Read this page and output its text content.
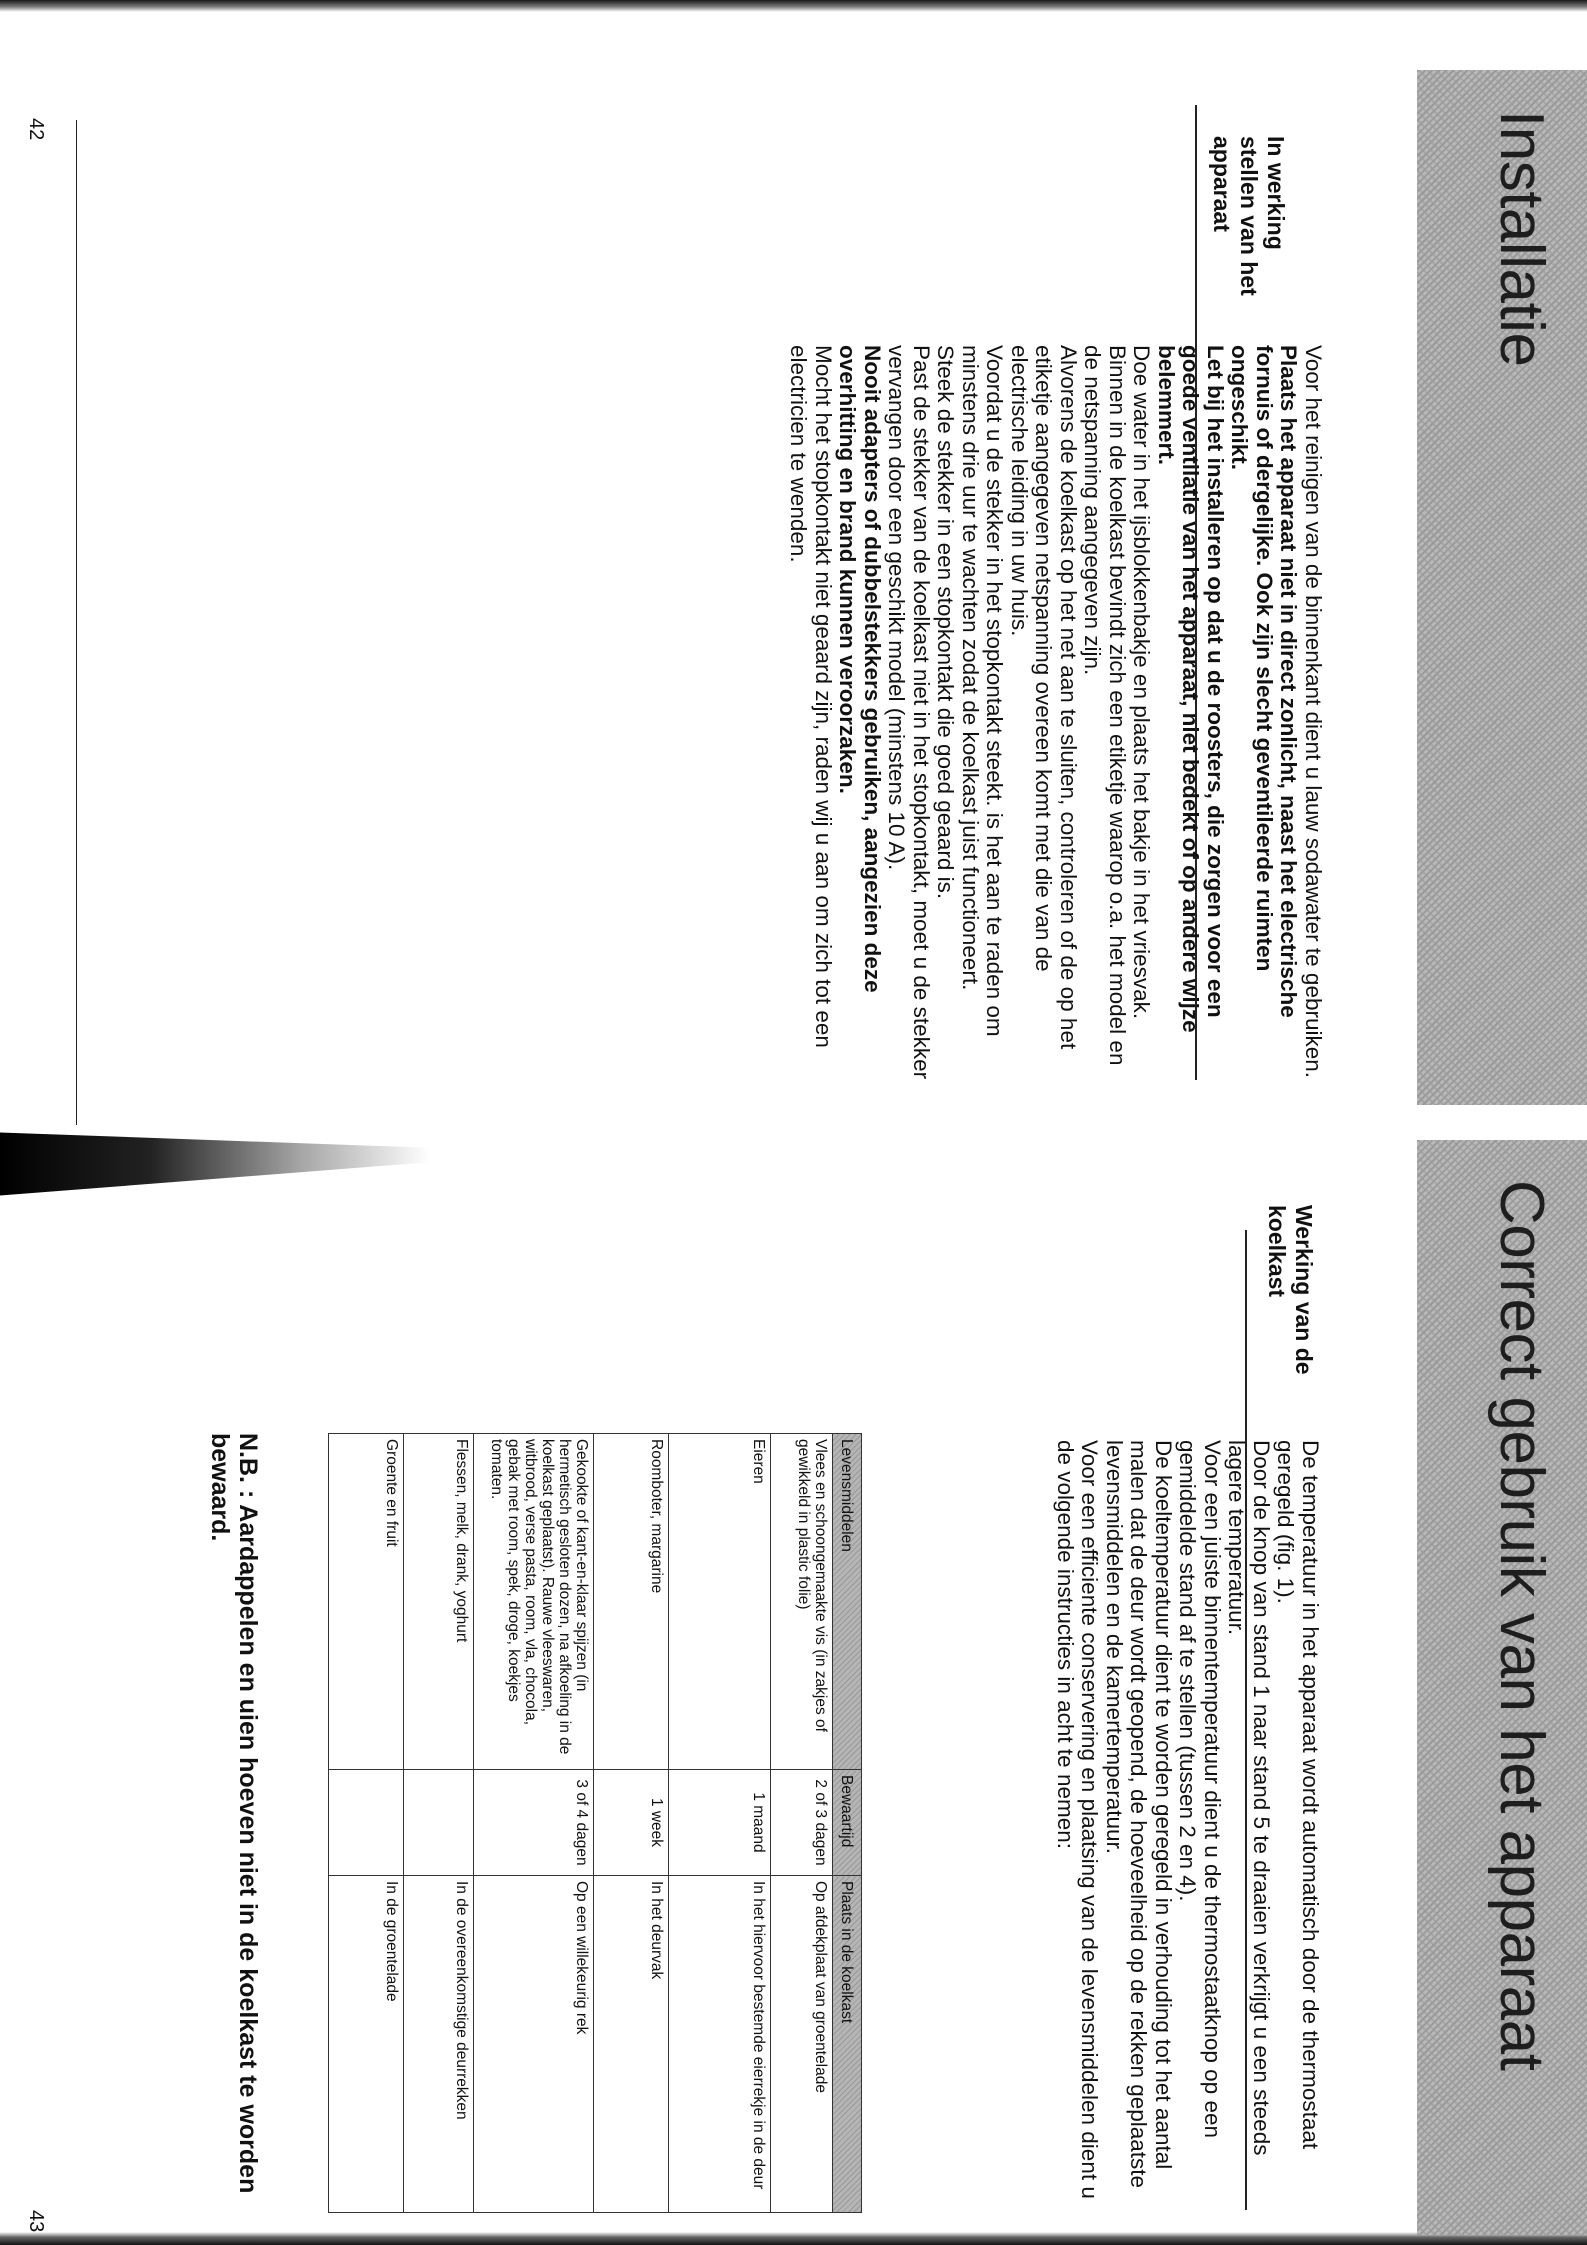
Installatie
In werking stellen van het apparaat

Voor het reinigen van de binnenkant dient u lauw sodawater te gebruiken.

Plaats het apparaat niet in direct zonlicht, naast het electrische fornuis of dergelijke. Ook zijn slecht geventileerde ruimten ongeschikt.

Let bij het installeren op dat u de roosters, die zorgen voor een goede ventilatie van het apparaat, niet bedekt of op andere wijze belemmert.

Doe water in het ijsblokkenbakje en plaats het bakje in het vriesvak.

Binnen in de koelkast bevindt zich een etiketje waarop o.a. het model en de netspanning aangegeven zijn.

Alvorens de koelkast op het net aan te sluiten, controleren of de op het etiketje aangegeven netspanning overeen komt met die van de electrische leiding in uw huis.

Voordat u de stekker in het stopkontakt steekt. is het aan te raden om minstens drie uur te wachten zodat de koelkast juist functioneert.

Steek de stekker in een stopkontakt die goed geaard is.

Past de stekker van de koelkast niet in het stopkontakt, moet u de stekker vervangen door een geschikt model (minstens 10 A).

Nooit adapters of dubbelstekkers gebruiken, aangezien deze overhitting en brand kunnen veroorzaken.

Mocht het stopkontakt niet geaard zijn, raden wij u aan om zich tot een electricien te wenden.

42
Correct gebruik van het apparaat
Werking van de koelkast

De temperatuur in het apparaat wordt automatisch door de thermostaat geregeld (fig. 1).

Door de knop van stand 1 naar stand 5 te draaien verkrijgt u een steeds lagere temperatuur.

Voor een juiste binnentemperatuur dient u de thermostaatknop op een gemiddelde stand af te stellen (tussen 2 en 4).

De koeltemperatuur dient te worden geregeld in verhouding tot het aantal malen dat de deur wordt geopend, de hoeveelheid op de rekken geplaatste levensmiddelen en de kamertemperatuur.

Voor een efficiente conservering en plaatsing van de levensmiddelen dient u de volgende instructies in acht te nemen:

Levensmiddelen	Bewaartijd	Plaats in de koelkast
Vlees en schoongemaakte vis (in zakjes of gewikkeld in plastic folie)	2 of 3 dagen	Op afdekplaat van groentelade
Eieren	1 maand	In het hiervoor bestemde eierrekje in de deur
Roomboter, margarine	1 week	In het deurvak
Gekookte of kant-en-klaar spijzen (in hermetisch gesloten dozen, na afkoeling in de koelkast geplaatst). Rauwe vleeswaren, witbrood, verse pasta, room, vla, chocola, gebak met room, spek, droge, koekjes tomaten.	3 of 4 dagen	Op een willekeurig rek
Flessen, melk, drank, yoghurt		In de overeenkomstige deurrekken
Groente en fruit		In de groentelade
N.B. : Aardappelen en uien hoeven niet in de koelkast te worden bewaard.
43
